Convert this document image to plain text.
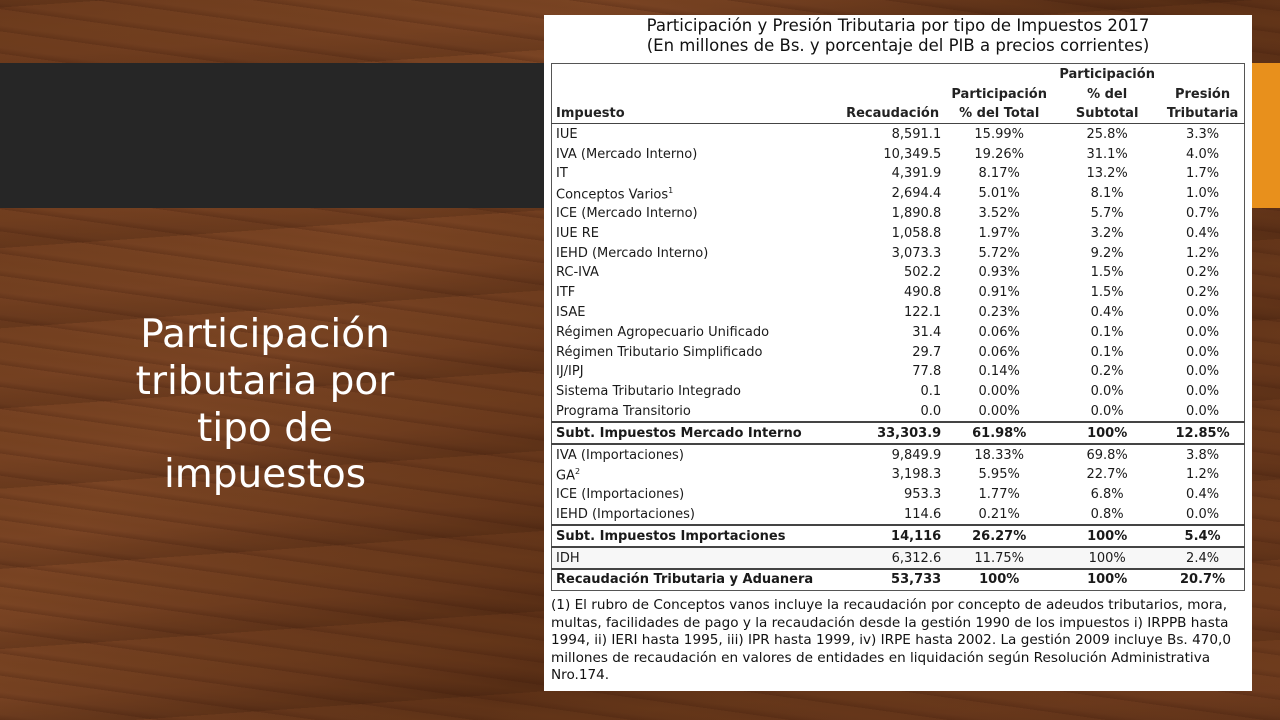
Participación tributaria por tipo de impuestos
Participación y Presión Tributaria por tipo de Impuestos 2017
(En millones de Bs. y porcentaje del PIB a precios corrientes)
			Participación	
		Participación	% del	Presión
Impuesto	Recaudación	% del Total	Subtotal	Tributaria
IUE	8,591.1	15.99%	25.8%	3.3%
IVA (Mercado Interno)	10,349.5	19.26%	31.1%	4.0%
IT	4,391.9	8.17%	13.2%	1.7%
Conceptos Varios$^1$	2,694.4	5.01%	8.1%	1.0%
ICE (Mercado Interno)	1,890.8	3.52%	5.7%	0.7%
IUE RE	1,058.8	1.97%	3.2%	0.4%
IEHD (Mercado Interno)	3,073.3	5.72%	9.2%	1.2%
RC-IVA	502.2	0.93%	1.5%	0.2%
ITF	490.8	0.91%	1.5%	0.2%
ISAE	122.1	0.23%	0.4%	0.0%
Régimen Agropecuario Unificado	31.4	0.06%	0.1%	0.0%
Régimen Tributario Simplificado	29.7	0.06%	0.1%	0.0%
IJ/IPJ	77.8	0.14%	0.2%	0.0%
Sistema Tributario Integrado	0.1	0.00%	0.0%	0.0%
Programa Transitorio	0.0	0.00%	0.0%	0.0%
Subt. Impuestos Mercado Interno	33,303.9	61.98%	100%	12.85%
IVA (Importaciones)	9,849.9	18.33%	69.8%	3.8%
$GA^2$	3,198.3	5.95%	22.7%	1.2%
ICE (Importaciones)	953.3	1.77%	6.8%	0.4%
IEHD (Importaciones)	114.6	0.21%	0.8%	0.0%
Subt. Impuestos Importaciones	14,116	26.27%	100%	5.4%
IDH	6,312.6	11.75%	100%	2.4%
Recaudación Tributaria y Aduanera	53,733	100%	100%	20.7%
(1) El rubro de Conceptos vanos incluye la recaudación por concepto de adeudos tributarios, mora, multas, facilidades de pago y la recaudación desde la gestión 1990 de los impuestos i) IRPPB hasta 1994, ii) IERI hasta 1995, iii) IPR hasta 1999, iv) IRPE hasta 2002. La gestión 2009 incluye Bs. 470,0 millones de recaudación en valores de entidades en liquidación según Resolución Administrativa Nro.174.
